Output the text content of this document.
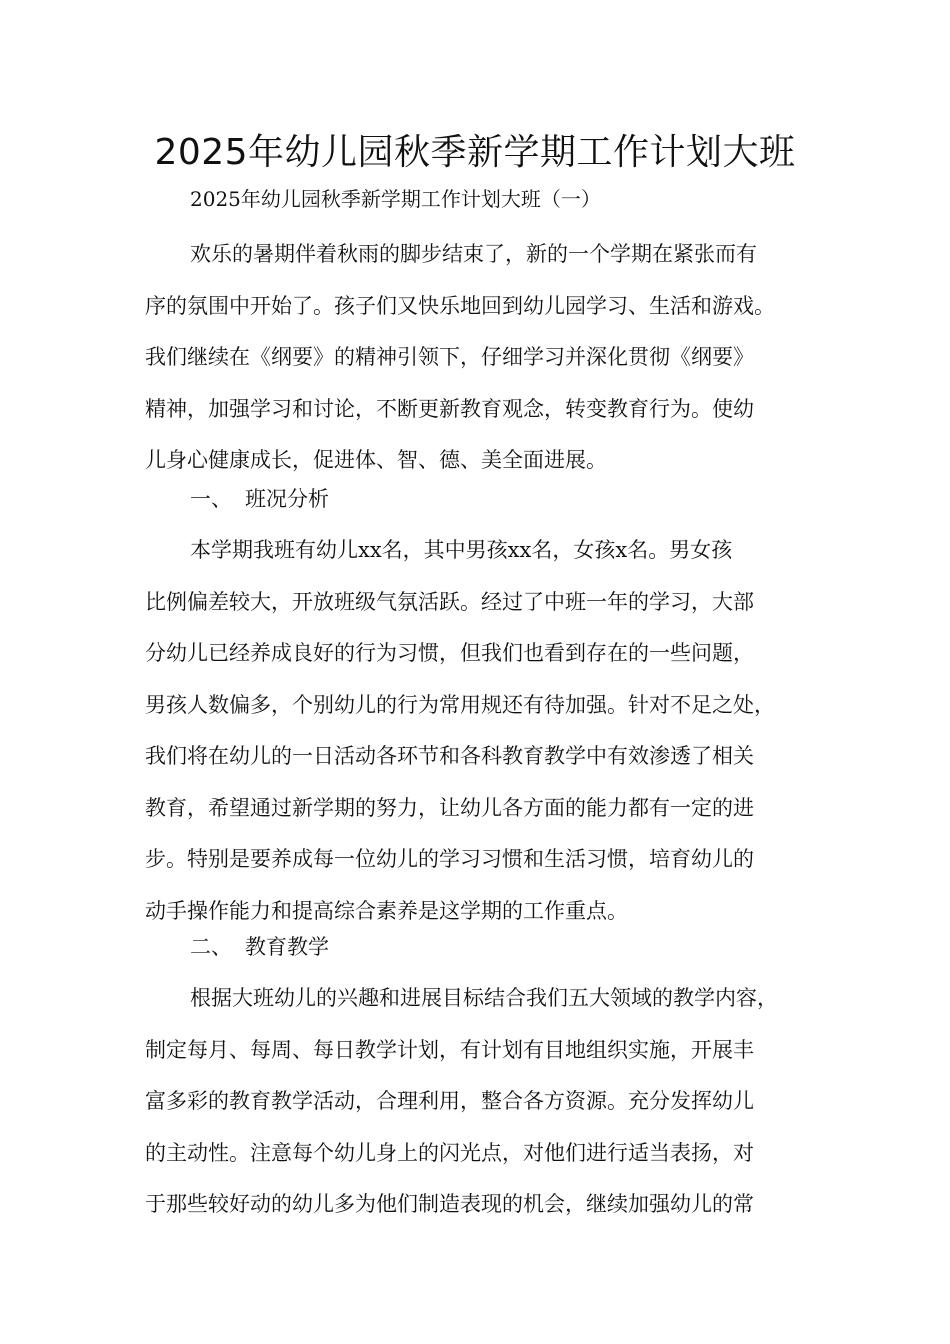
2025年幼儿园秋季新学期工作计划大班

2025年幼儿园秋季新学期工作计划大班（一）

欢乐的暑期伴着秋雨的脚步结束了，新的一个学期在紧张而有
序的氛围中开始了。孩子们又快乐地回到幼儿园学习、生活和游戏。
我们继续在《纲要》的精神引领下，仔细学习并深化贯彻《纲要》
精神，加强学习和讨论，不断更新教育观念，转变教育行为。使幼
儿身心健康成长，促进体、智、德、美全面进展。
一、 班况分析
本学期我班有幼儿xx名，其中男孩xx名，女孩x名。男女孩
比例偏差较大，开放班级气氛活跃。经过了中班一年的学习，大部
分幼儿已经养成良好的行为习惯，但我们也看到存在的一些问题，
男孩人数偏多，个别幼儿的行为常用规还有待加强。针对不足之处，
我们将在幼儿的一日活动各环节和各科教育教学中有效渗透了相关
教育，希望通过新学期的努力，让幼儿各方面的能力都有一定的进
步。特别是要养成每一位幼儿的学习习惯和生活习惯，培育幼儿的
动手操作能力和提高综合素养是这学期的工作重点。
二、 教育教学
根据大班幼儿的兴趣和进展目标结合我们五大领域的教学内容，
制定每月、每周、每日教学计划，有计划有目地组织实施，开展丰
富多彩的教育教学活动，合理利用，整合各方资源。充分发挥幼儿
的主动性。注意每个幼儿身上的闪光点，对他们进行适当表扬，对
于那些较好动的幼儿多为他们制造表现的机会，继续加强幼儿的常
